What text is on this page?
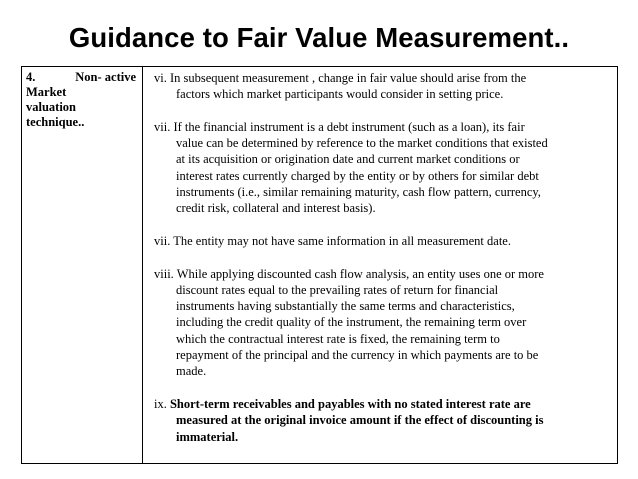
Guidance to Fair Value Measurement..
4.	Non- active
Market
valuation
technique..
vi. In subsequent measurement , change in fair value should arise from the
factors which market participants would consider in setting price.
vii. If the financial instrument is a debt instrument (such as a loan), its fair
value can be determined by reference to the market conditions that existed
at its acquisition or origination date and current market conditions or
interest rates currently charged by the entity or by others for similar debt
instruments (i.e., similar remaining maturity, cash flow pattern, currency,
credit risk, collateral and interest basis).
vii. The entity may not have same information in all measurement date.
viii. While applying discounted cash flow analysis, an entity uses one or more
discount rates equal to the prevailing rates of return for financial
instruments having substantially the same terms and characteristics,
including the credit quality of the instrument, the remaining term over
which the contractual interest rate is fixed, the remaining term to
repayment of the principal and the currency in which payments are to be
made.
ix. Short-term receivables and payables with no stated interest rate are
measured at the original invoice amount if the effect of discounting is
immaterial.
